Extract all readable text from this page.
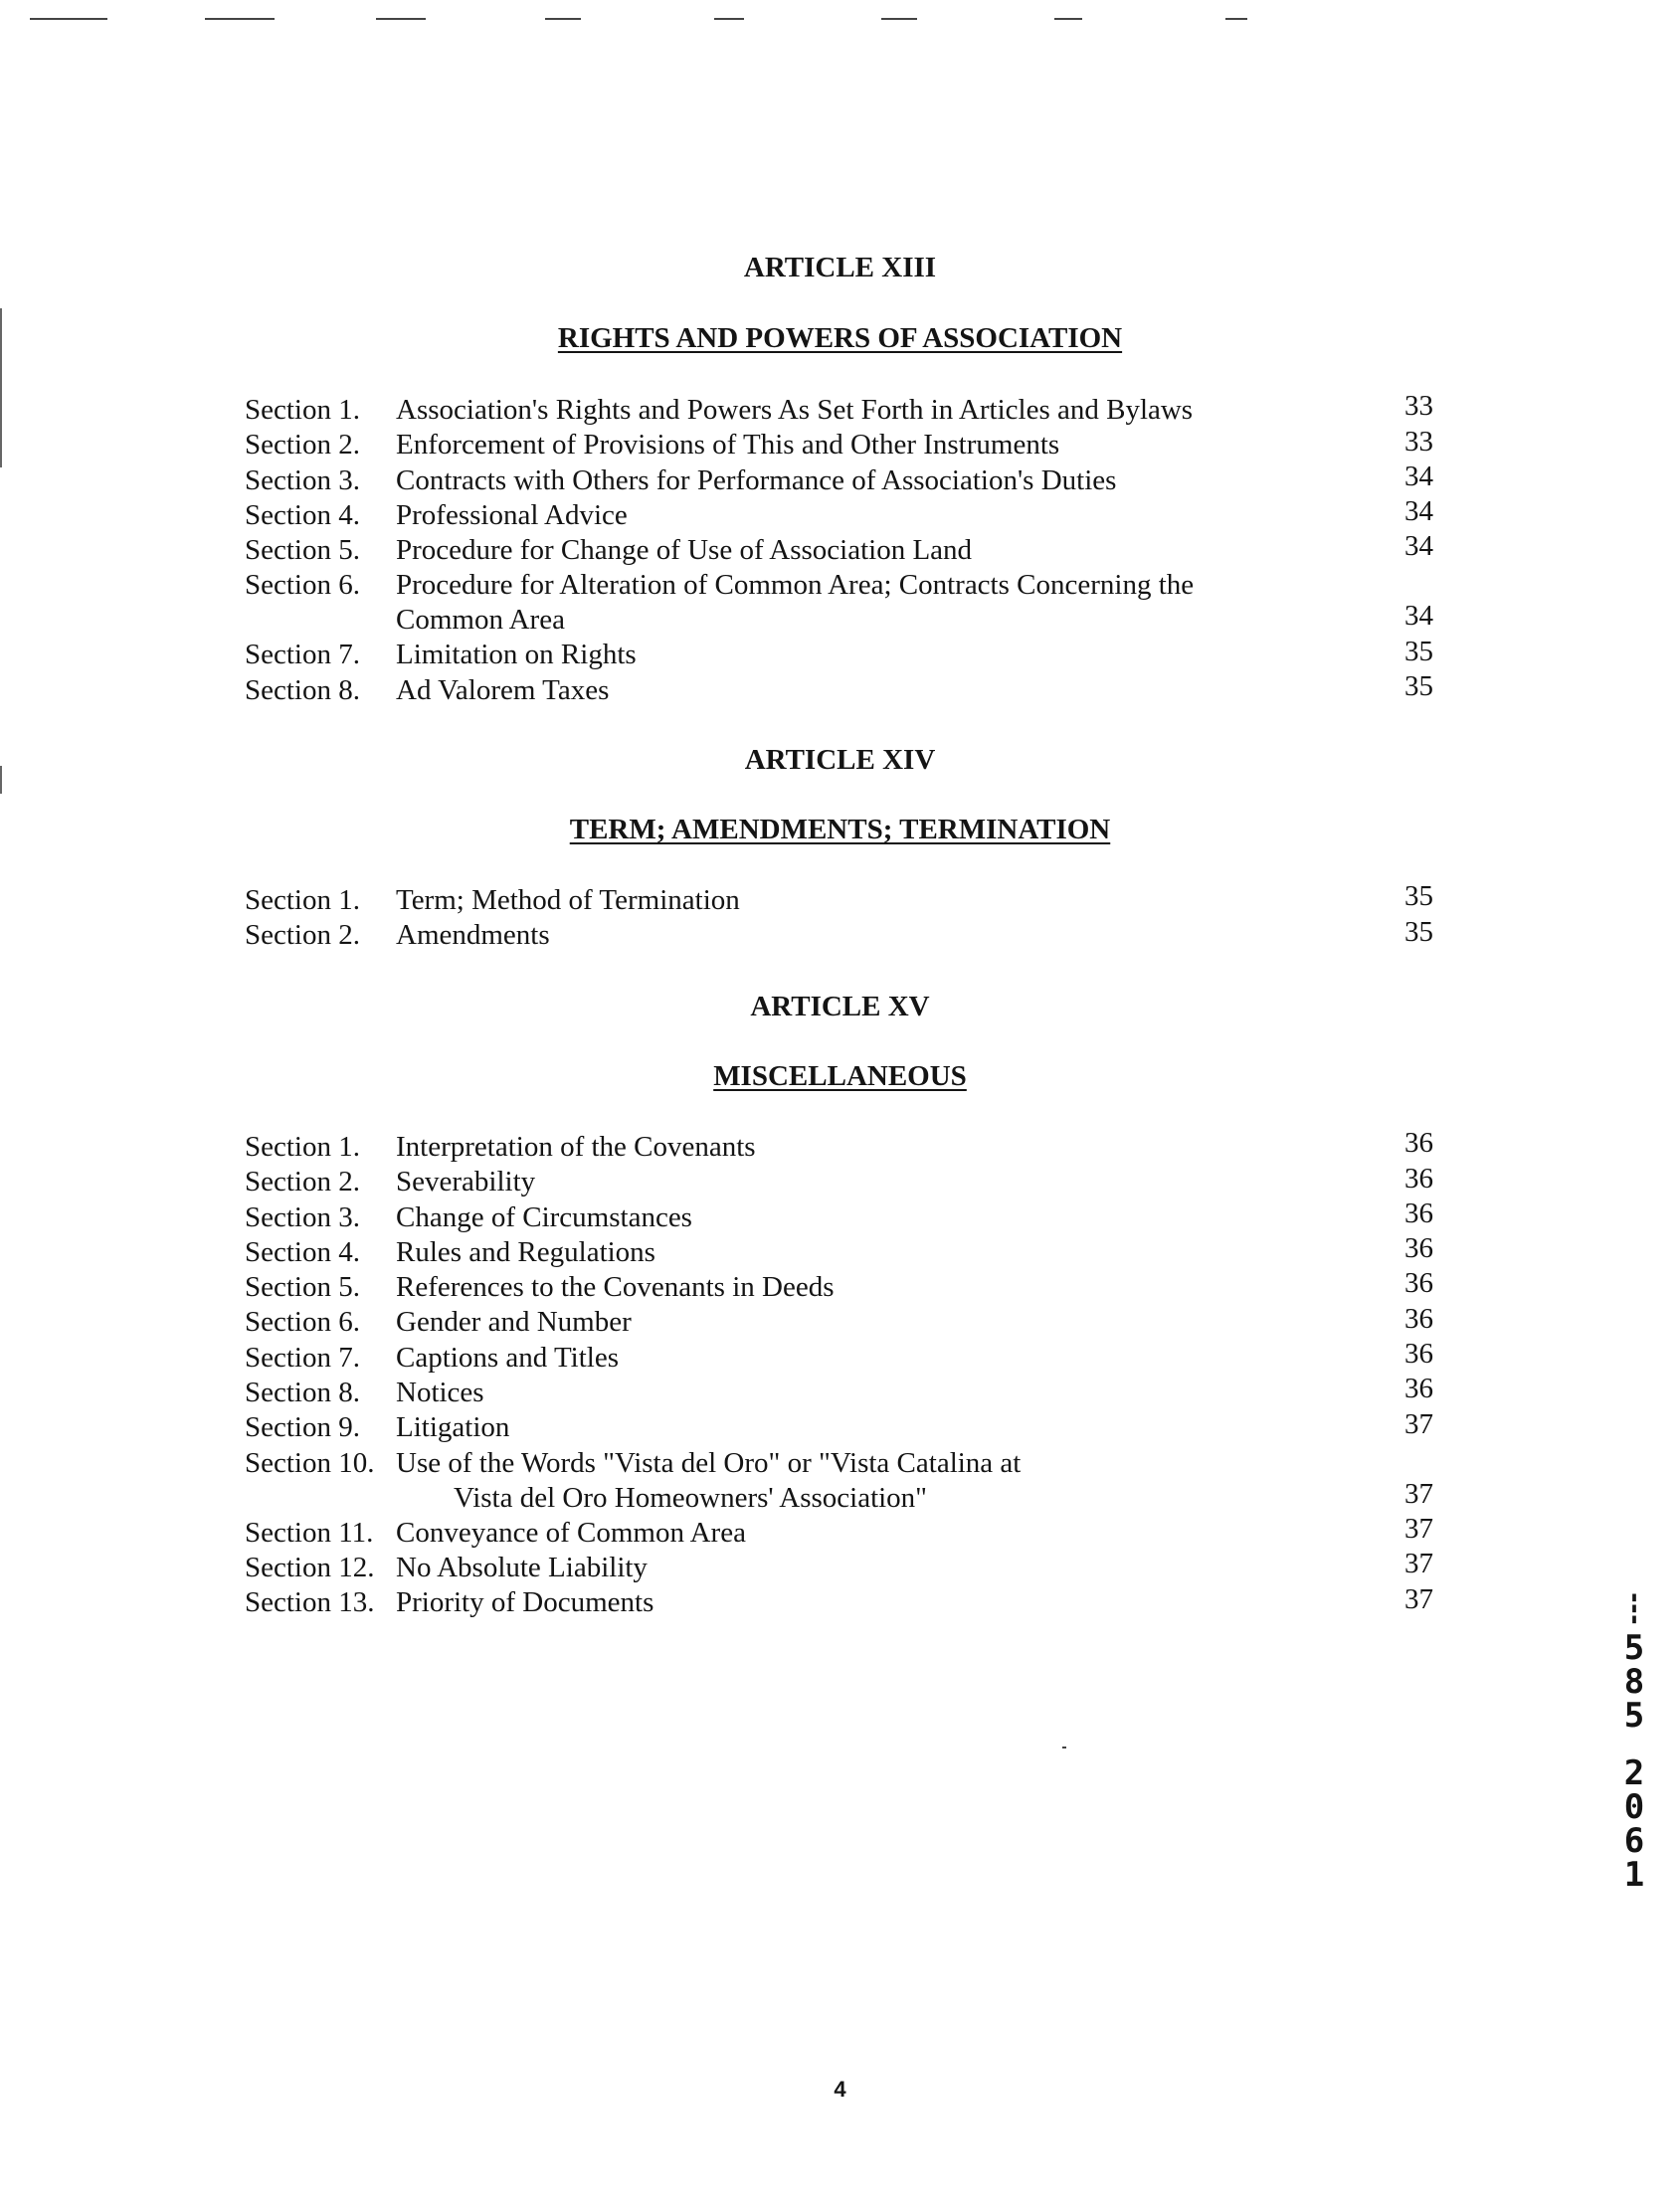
ARTICLE XIII
RIGHTS AND POWERS OF ASSOCIATION
Section 1. Association's Rights and Powers As Set Forth in Articles and Bylaws	33
Section 2. Enforcement of Provisions of This and Other Instruments	33
Section 3. Contracts with Others for Performance of Association's Duties	34
Section 4. Professional Advice	34
Section 5. Procedure for Change of Use of Association Land	34
Section 6. Procedure for Alteration of Common Area; Contracts Concerning the
Common Area	34
Section 7. Limitation on Rights	35
Section 8. Ad Valorem Taxes	35
ARTICLE XIV
TERM; AMENDMENTS; TERMINATION
Section 1. Term; Method of Termination	35
Section 2. Amendments	35
ARTICLE XV
MISCELLANEOUS
Section 1. Interpretation of the Covenants	36
Section 2. Severability	36
Section 3. Change of Circumstances	36
Section 4. Rules and Regulations	36
Section 5. References to the Covenants in Deeds	36
Section 6. Gender and Number	36
Section 7. Captions and Titles	36
Section 8. Notices	36
Section 9. Litigation	37
Section 10. Use of the Words "Vista del Oro" or "Vista Catalina at
Vista del Oro Homeowners' Association"	37
Section 11. Conveyance of Common Area	37
Section 12. No Absolute Liability	37
Section 13. Priority of Documents	37	▮▮▮
5
8
5
2
0
6
1
4
